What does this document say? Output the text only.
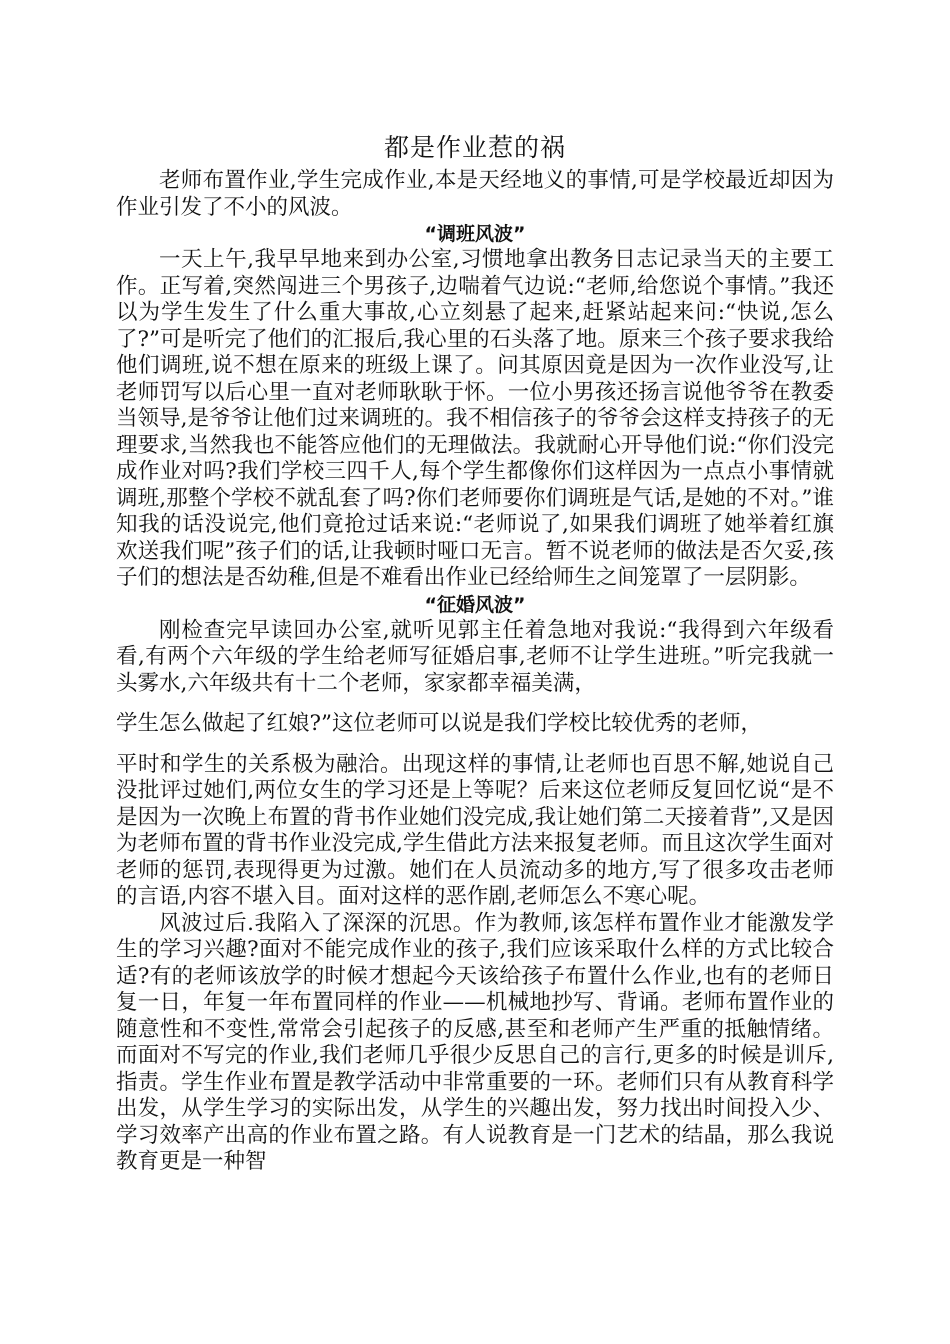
都是作业惹的祸

老师布置作业,学生完成作业,本是天经地义的事情,可是学校最近却因为作业引发了不小的风波。

“调班风波”

一天上午,我早早地来到办公室,习惯地拿出教务日志记录当天的主要工作。正写着,突然闯进三个男孩子,边喘着气边说:“老师,给您说个事情。”我还以为学生发生了什么重大事故,心立刻悬了起来,赶紧站起来问:“快说,怎么了?”可是听完了他们的汇报后,我心里的石头落了地。原来三个孩子要求我给他们调班,说不想在原来的班级上课了。问其原因竟是因为一次作业没写,让老师罚写以后心里一直对老师耿耿于怀。一位小男孩还扬言说他爷爷在教委当领导,是爷爷让他们过来调班的。我不相信孩子的爷爷会这样支持孩子的无理要求,当然我也不能答应他们的无理做法。我就耐心开导他们说:“你们没完成作业对吗?我们学校三四千人,每个学生都像你们这样因为一点点小事情就调班,那整个学校不就乱套了吗?你们老师要你们调班是气话,是她的不对。”谁知我的话没说完,他们竟抢过话来说:“老师说了,如果我们调班了她举着红旗欢送我们呢”孩子们的话,让我顿时哑口无言。暂不说老师的做法是否欠妥,孩子们的想法是否幼稚,但是不难看出作业已经给师生之间笼罩了一层阴影。

“征婚风波”

刚检查完早读回办公室,就听见郭主任着急地对我说:“我得到六年级看看,有两个六年级的学生给老师写征婚启事,老师不让学生进班。”听完我就一头雾水,六年级共有十二个老师，家家都幸福美满，

学生怎么做起了红娘?”这位老师可以说是我们学校比较优秀的老师，

平时和学生的关系极为融洽。出现这样的事情,让老师也百思不解,她说自己没批评过她们,两位女生的学习还是上等呢？后来这位老师反复回忆说“是不是因为一次晚上布置的背书作业她们没完成,我让她们第二天接着背”,又是因为老师布置的背书作业没完成,学生借此方法来报复老师。而且这次学生面对老师的惩罚,表现得更为过激。她们在人员流动多的地方,写了很多攻击老师的言语,内容不堪入目。面对这样的恶作剧,老师怎么不寒心呢。

风波过后.我陷入了深深的沉思。作为教师,该怎样布置作业才能激发学生的学习兴趣?面对不能完成作业的孩子,我们应该采取什么样的方式比较合适?有的老师该放学的时候才想起今天该给孩子布置什么作业,也有的老师日复一日，年复一年布置同样的作业——机械地抄写、背诵。老师布置作业的随意性和不变性,常常会引起孩子的反感,甚至和老师产生严重的抵触情绪。而面对不写完的作业,我们老师几乎很少反思自己的言行,更多的时候是训斥,指责。学生作业布置是教学活动中非常重要的一环。老师们只有从教育科学出发，从学生学习的实际出发，从学生的兴趣出发，努力找出时间投入少、学习效率产出高的作业布置之路。有人说教育是一门艺术的结晶，那么我说教育更是一种智
